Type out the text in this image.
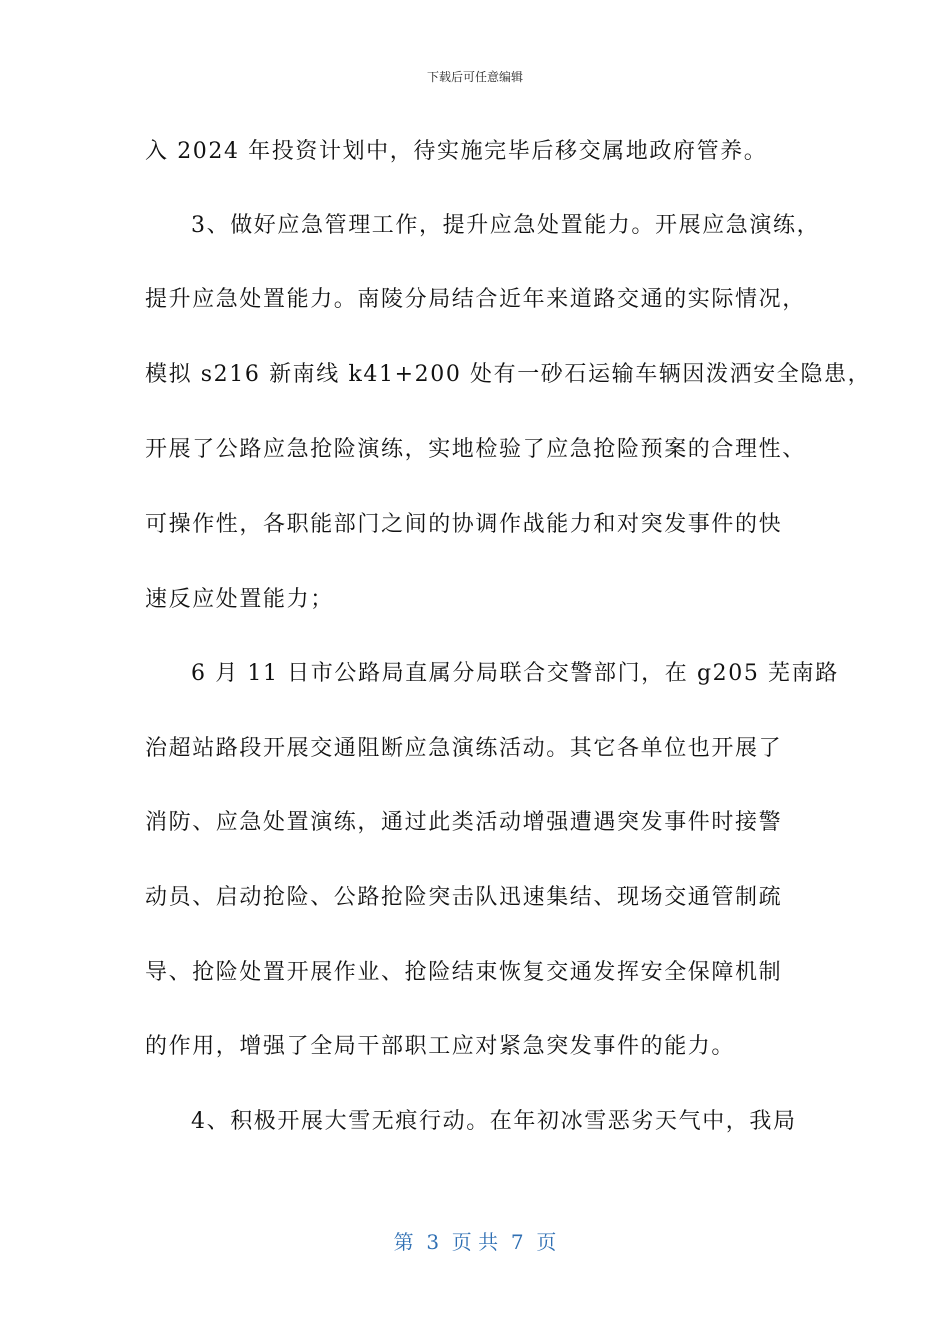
下载后可任意编辑
入 2024 年投资计划中，待实施完毕后移交属地政府管养。
3、做好应急管理工作，提升应急处置能力。开展应急演练，
提升应急处置能力。南陵分局结合近年来道路交通的实际情况，
模拟 s216 新南线 k41+200 处有一砂石运输车辆因泼洒安全隐患，
开展了公路应急抢险演练，实地检验了应急抢险预案的合理性、
可操作性，各职能部门之间的协调作战能力和对突发事件的快
速反应处置能力；
6 月 11 日市公路局直属分局联合交警部门，在 g205 芜南路
治超站路段开展交通阻断应急演练活动。其它各单位也开展了
消防、应急处置演练，通过此类活动增强遭遇突发事件时接警
动员、启动抢险、公路抢险突击队迅速集结、现场交通管制疏
导、抢险处置开展作业、抢险结束恢复交通发挥安全保障机制
的作用，增强了全局干部职工应对紧急突发事件的能力。
4、积极开展大雪无痕行动。在年初冰雪恶劣天气中，我局
第  3  页 共  7  页
